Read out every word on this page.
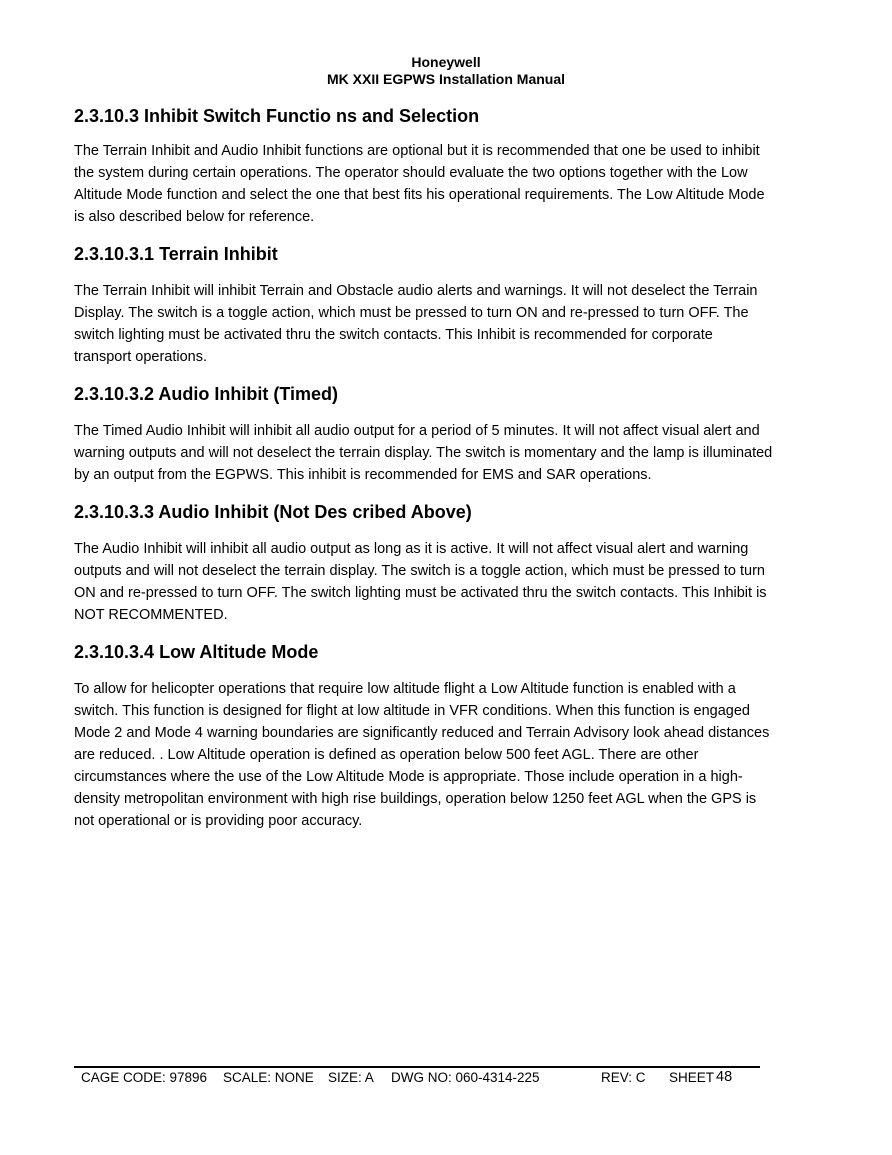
Honeywell
MK XXII EGPWS Installation Manual
2.3.10.3 Inhibit Switch Functio ns and Selection

The Terrain Inhibit and Audio Inhibit functions are optional but it is recommended that one be used to inhibit the system during certain operations. The operator should evaluate the two options together with the Low Altitude Mode function and select the one that best fits his operational requirements. The Low Altitude Mode is also described below for reference.

2.3.10.3.1 Terrain Inhibit

The Terrain Inhibit will inhibit Terrain and Obstacle audio alerts and warnings. It will not deselect the Terrain Display. The switch is a toggle action, which must be pressed to turn ON and re-pressed to turn OFF. The switch lighting must be activated thru the switch contacts. This Inhibit is recommended for corporate transport operations.

2.3.10.3.2 Audio Inhibit (Timed)

The Timed Audio Inhibit will inhibit all audio output for a period of 5 minutes. It will not affect visual alert and warning outputs and will not deselect the terrain display. The switch is momentary and the lamp is illuminated by an output from the EGPWS. This inhibit is recommended for EMS and SAR operations.

2.3.10.3.3 Audio Inhibit (Not Des cribed Above)

The Audio Inhibit will inhibit all audio output as long as it is active. It will not affect visual alert and warning outputs and will not deselect the terrain display. The switch is a toggle action, which must be pressed to turn ON and re-pressed to turn OFF. The switch lighting must be activated thru the switch contacts. This Inhibit is NOT RECOMMENTED.

2.3.10.3.4 Low Altitude Mode

To allow for helicopter operations that require low altitude flight a Low Altitude function is enabled with a switch. This function is designed for flight at low altitude in VFR conditions. When this function is engaged Mode 2 and Mode 4 warning boundaries are significantly reduced and Terrain Advisory look ahead distances are reduced. . Low Altitude operation is defined as operation below 500 feet AGL. There are other circumstances where the use of the Low Altitude Mode is appropriate. Those include operation in a high-density metropolitan environment with high rise buildings, operation below 1250 feet AGL when the GPS is not operational or is providing poor accuracy.

CAGE CODE: 97896 SCALE: NONE SIZE: A DWG NO: 060-4314-225	REV: C SHEET 48
